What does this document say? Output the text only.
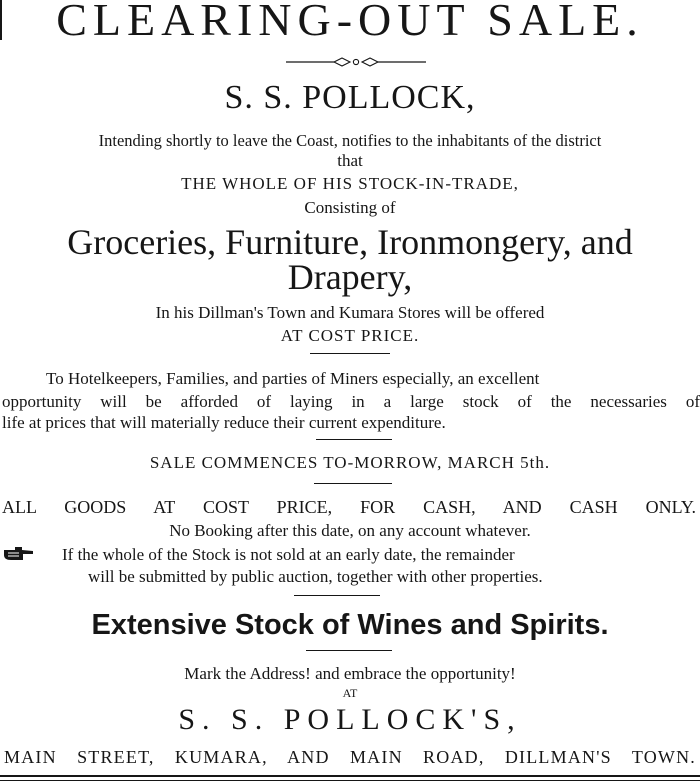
CLEARING-OUT SALE.
S. S. POLLOCK,
Intending shortly to leave the Coast, notifies to the inhabitants of the district
that
THE WHOLE OF HIS STOCK-IN-TRADE,
Consisting of
Groceries, Furniture, Ironmongery, and
Drapery,
In his Dillman's Town and Kumara Stores will be offered
AT COST PRICE.
To Hotelkeepers, Families, and parties of Miners especially, an excellent
opportunity will be afforded of laying in a large stock of the necessaries of
life at prices that will materially reduce their current expenditure.
SALE COMMENCES TO-MORROW, MARCH 5th.
ALL GOODS AT COST PRICE, FOR CASH, AND CASH ONLY.
No Booking after this date, on any account whatever.
If the whole of the Stock is not sold at an early date, the remainder
will be submitted by public auction, together with other properties.
Extensive Stock of Wines and Spirits.
Mark the Address! and embrace the opportunity!
AT
S. S. POLLOCK'S,
MAIN STREET, KUMARA, AND MAIN ROAD, DILLMAN'S TOWN.
